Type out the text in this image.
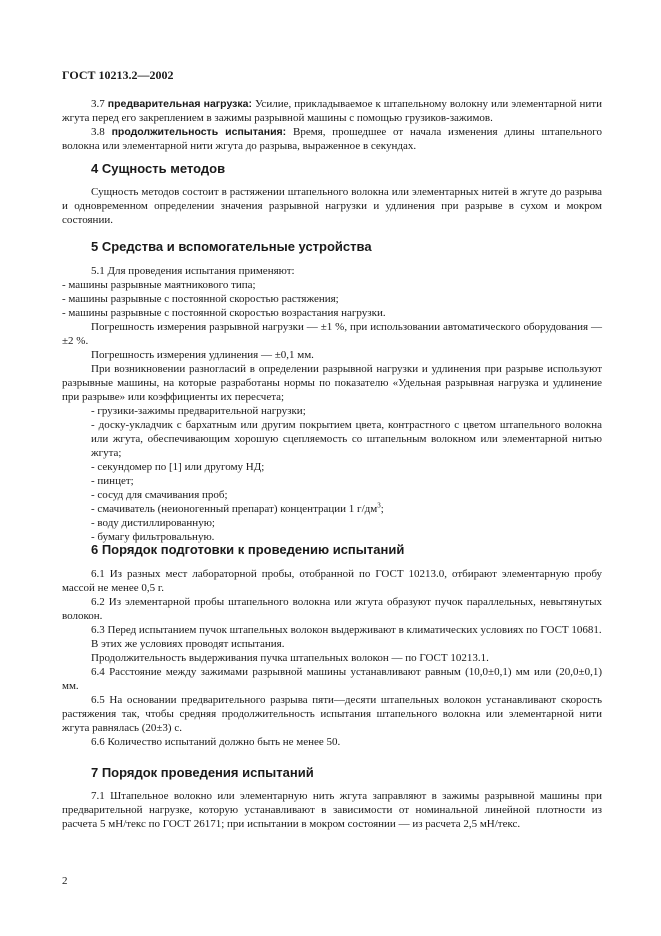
ГОСТ 10213.2—2002

3.7 предварительная нагрузка: Усилие, прикладываемое к штапельному волокну или элементарной нити жгута перед его закреплением в зажимы разрывной машины с помощью грузиков-зажимов.

3.8 продолжительность испытания: Время, прошедшее от начала изменения длины штапельного волокна или элементарной нити жгута до разрыва, выраженное в секундах.

4 Сущность методов

Сущность методов состоит в растяжении штапельного волокна или элементарных нитей в жгуте до разрыва и одновременном определении значения разрывной нагрузки и удлинения при разрыве в сухом и мокром состоянии.

5 Средства и вспомогательные устройства

5.1 Для проведения испытания применяют:

- машины разрывные маятникового типа;

- машины разрывные с постоянной скоростью растяжения;

- машины разрывные с постоянной скоростью возрастания нагрузки.

Погрешность измерения разрывной нагрузки — ±1 %, при использовании автоматического оборудования — ±2 %.

Погрешность измерения удлинения — ±0,1 мм.

При возникновении разногласий в определении разрывной нагрузки и удлинения при разрыве используют разрывные машины, на которые разработаны нормы по показателю «Удельная разрывная нагрузка и удлинение при разрыве» или коэффициенты их пересчета;

- грузики-зажимы предварительной нагрузки;

- доску-укладчик с бархатным или другим покрытием цвета, контрастного с цветом штапельного волокна или жгута, обеспечивающим хорошую сцепляемость со штапельным волокном или элементарной нитью жгута;

- секундомер по [1] или другому НД;

- пинцет;

- сосуд для смачивания проб;

- смачиватель (неионогенный препарат) концентрации 1 $г/дм^3$;

- воду дистиллированную;

- бумагу фильтровальную.

6 Порядок подготовки к проведению испытаний

6.1 Из разных мест лабораторной пробы, отобранной по ГОСТ 10213.0, отбирают элементарную пробу массой не менее 0,5 г.

6.2 Из элементарной пробы штапельного волокна или жгута образуют пучок параллельных, невытянутых волокон.

6.3 Перед испытанием пучок штапельных волокон выдерживают в климатических условиях по ГОСТ 10681.

В этих же условиях проводят испытания.

Продолжительность выдерживания пучка штапельных волокон — по ГОСТ 10213.1.

6.4 Расстояние между зажимами разрывной машины устанавливают равным (10,0±0,1) мм или (20,0±0,1) мм.

6.5 На основании предварительного разрыва пяти—десяти штапельных волокон устанавливают скорость растяжения так, чтобы средняя продолжительность испытания штапельного волокна или элементарной нити жгута равнялась (20±3) с.

6.6 Количество испытаний должно быть не менее 50.

7 Порядок проведения испытаний

7.1 Штапельное волокно или элементарную нить жгута заправляют в зажимы разрывной машины при предварительной нагрузке, которую устанавливают в зависимости от номинальной линейной плотности из расчета 5 мН/текс по ГОСТ 26171; при испытании в мокром состоянии — из расчета 2,5 мН/текс.

2
